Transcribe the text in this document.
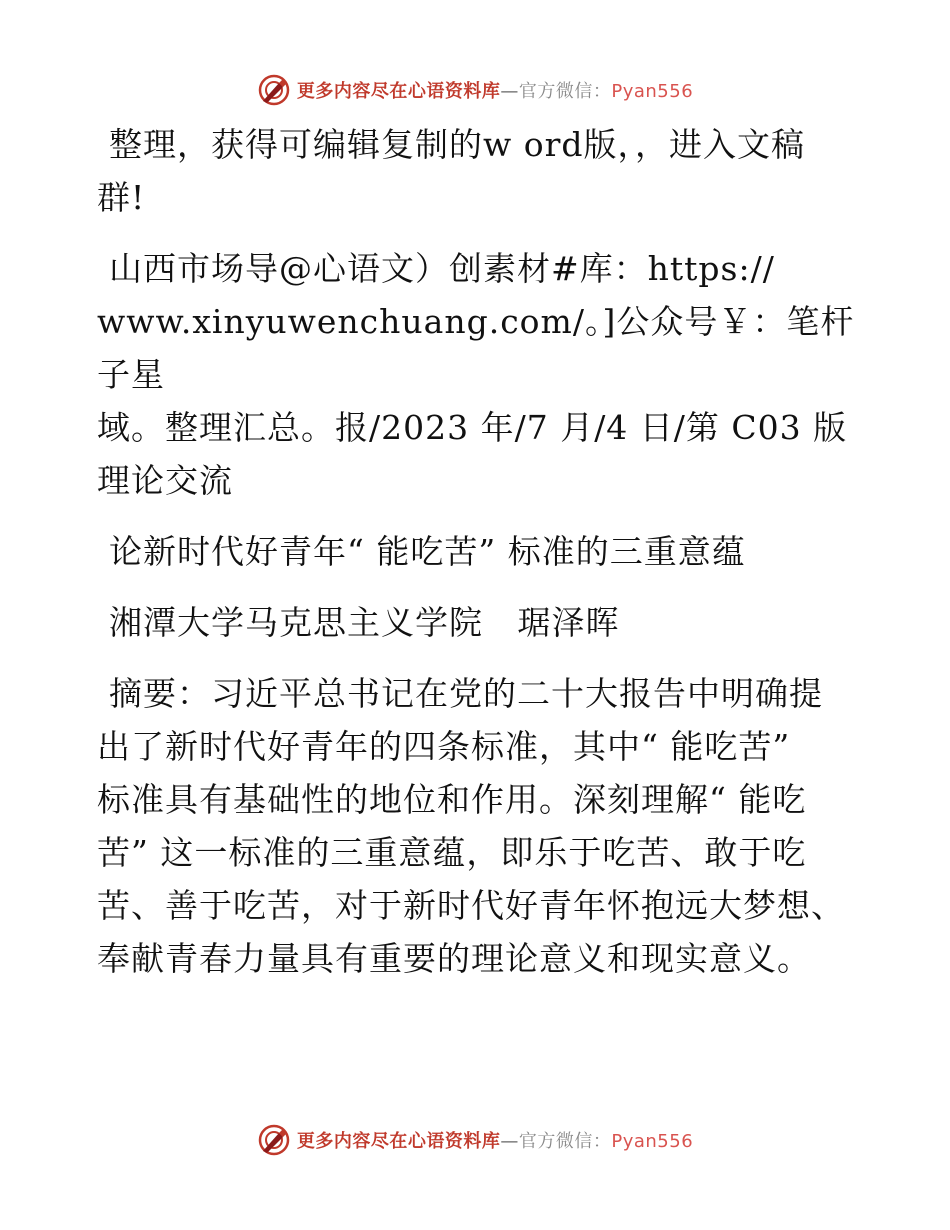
更多内容尽在心语资料库—官方微信：Pyan556

整理，获得可编辑复制的w ord版，，进入文稿
群!

山西市场导@心语文）创素材#库：https://
www.xinyuwenchuang.com/。]公众号￥：笔杆子星
域。整理汇总。报/2023 年/7 月/4 日/第 C03 版
理论交流

论新时代好青年“ 能吃苦” 标准的三重意蕴

湘潭大学马克思主义学院   琚泽晖

摘要：习近平总书记在党的二十大报告中明确提
出了新时代好青年的四条标准，其中“ 能吃苦”
标准具有基础性的地位和作用。深刻理解“ 能吃
苦” 这一标准的三重意蕴，即乐于吃苦、敢于吃
苦、善于吃苦，对于新时代好青年怀抱远大梦想、
奉献青春力量具有重要的理论意义和现实意义。

更多内容尽在心语资料库—官方微信：Pyan556
